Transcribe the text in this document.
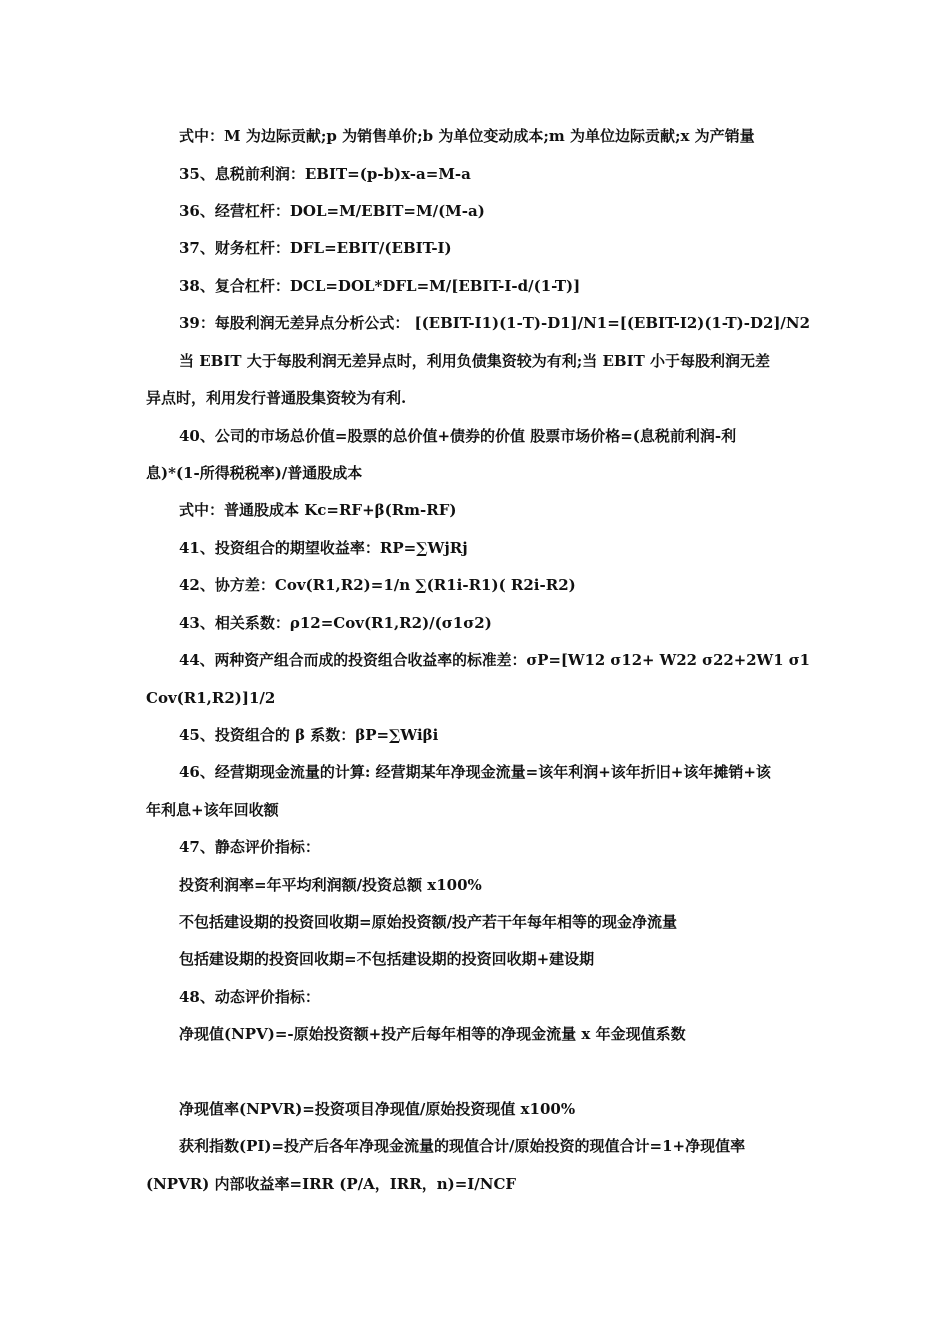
式中：M 为边际贡献;p 为销售单价;b 为单位变动成本;m 为单位边际贡献;x 为产销量
35、息税前利润：EBIT=(p-b)x-a=M-a
36、经营杠杆：DOL=M/EBIT=M/(M-a)
37、财务杠杆：DFL=EBIT/(EBIT-I)
38、复合杠杆：DCL=DOL*DFL=M/[EBIT-I-d/(1-T)]
39：每股利润无差异点分析公式： [(EBIT-I1)(1-T)-D1]/N1=[(EBIT-I2)(1-T)-D2]/N2
当 EBIT 大于每股利润无差异点时，利用负债集资较为有利;当 EBIT 小于每股利润无差
异点时，利用发行普通股集资较为有利.
40、公司的市场总价值=股票的总价值+债券的价值 股票市场价格=(息税前利润-利
息)*(1-所得税税率)/普通股成本
式中：普通股成本 Kc=RF+β(Rm-RF)
41、投资组合的期望收益率：RP=∑WjRj
42、协方差：Cov(R1,R2)=1/n ∑(R1i-R1)( R2i-R2)
43、相关系数：ρ12=Cov(R1,R2)/(σ1σ2)
44、两种资产组合而成的投资组合收益率的标准差：σP=[W12 σ12+ W22 σ22+2W1 σ1
Cov(R1,R2)]1/2
45、投资组合的 β 系数：βP=∑Wiβi
46、经营期现金流量的计算: 经营期某年净现金流量=该年利润+该年折旧+该年摊销+该
年利息+该年回收额
47、静态评价指标：
投资利润率=年平均利润额/投资总额 x100%
不包括建设期的投资回收期=原始投资额/投产若干年每年相等的现金净流量
包括建设期的投资回收期=不包括建设期的投资回收期+建设期
48、动态评价指标：
净现值(NPV)=-原始投资额+投产后每年相等的净现金流量 x 年金现值系数
净现值率(NPVR)=投资项目净现值/原始投资现值 x100%
获利指数(PI)=投产后各年净现金流量的现值合计/原始投资的现值合计=1+净现值率
(NPVR) 内部收益率=IRR (P/A，IRR，n)=I/NCF
